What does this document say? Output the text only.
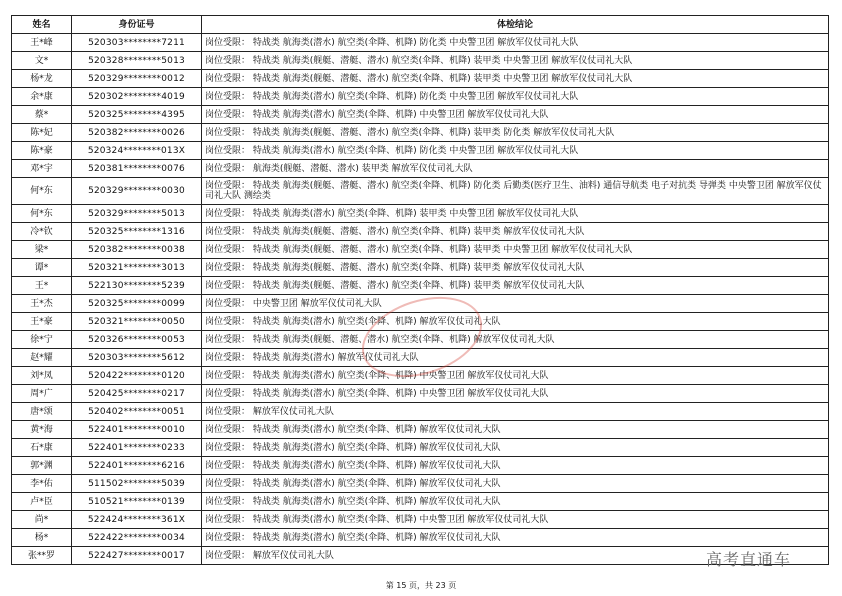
姓名	身份证号	体检结论
王*峰	520303********7211	岗位受限： 特战类 航海类(潜水) 航空类(伞降、机降) 防化类 中央警卫团 解放军仪仗司礼大队
文*	520328********5013	岗位受限： 特战类 航海类(舰艇、潜艇、潜水) 航空类(伞降、机降) 装甲类 中央警卫团 解放军仪仗司礼大队
杨*龙	520329********0012	岗位受限： 特战类 航海类(舰艇、潜艇、潜水) 航空类(伞降、机降) 装甲类 中央警卫团 解放军仪仗司礼大队
余*康	520302********4019	岗位受限： 特战类 航海类(潜水) 航空类(伞降、机降) 防化类 中央警卫团 解放军仪仗司礼大队
蔡*	520325********4395	岗位受限： 特战类 航海类(潜水) 航空类(伞降、机降) 中央警卫团 解放军仪仗司礼大队
陈*妃	520382********0026	岗位受限： 特战类 航海类(舰艇、潜艇、潜水) 航空类(伞降、机降) 装甲类 防化类 解放军仪仗司礼大队
陈*豪	520324********013X	岗位受限： 特战类 航海类(潜水) 航空类(伞降、机降) 防化类 中央警卫团 解放军仪仗司礼大队
邓*宇	520381********0076	岗位受限： 航海类(舰艇、潜艇、潜水) 装甲类 解放军仪仗司礼大队
何*东	520329********0030	岗位受限： 特战类 航海类(舰艇、潜艇、潜水) 航空类(伞降、机降) 防化类 后勤类(医疗卫生、油料) 通信导航类 电子对抗类 导弹类 中央警卫团 解放军仪仗司礼大队 测绘类
何*东	520329********5013	岗位受限： 特战类 航海类(潜水) 航空类(伞降、机降) 装甲类 中央警卫团 解放军仪仗司礼大队
冷*钦	520325********1316	岗位受限： 特战类 航海类(舰艇、潜艇、潜水) 航空类(伞降、机降) 装甲类 解放军仪仗司礼大队
梁*	520382********0038	岗位受限： 特战类 航海类(舰艇、潜艇、潜水) 航空类(伞降、机降) 装甲类 中央警卫团 解放军仪仗司礼大队
谭*	520321********3013	岗位受限： 特战类 航海类(舰艇、潜艇、潜水) 航空类(伞降、机降) 装甲类 解放军仪仗司礼大队
王*	522130********5239	岗位受限： 特战类 航海类(舰艇、潜艇、潜水) 航空类(伞降、机降) 装甲类 解放军仪仗司礼大队
王*杰	520325********0099	岗位受限： 中央警卫团 解放军仪仗司礼大队
王*豪	520321********0050	岗位受限： 特战类 航海类(潜水) 航空类(伞降、机降) 解放军仪仗司礼大队
徐*宁	520326********0053	岗位受限： 特战类 航海类(舰艇、潜艇、潜水) 航空类(伞降、机降) 解放军仪仗司礼大队
赵*耀	520303********5612	岗位受限： 特战类 航海类(潜水) 解放军仪仗司礼大队
刘*凤	520422********0120	岗位受限： 特战类 航海类(潜水) 航空类(伞降、机降) 中央警卫团 解放军仪仗司礼大队
周*广	520425********0217	岗位受限： 特战类 航海类(潜水) 航空类(伞降、机降) 中央警卫团 解放军仪仗司礼大队
唐*颂	520402********0051	岗位受限： 解放军仪仗司礼大队
黄*海	522401********0010	岗位受限： 特战类 航海类(潜水) 航空类(伞降、机降) 解放军仪仗司礼大队
石*康	522401********0233	岗位受限： 特战类 航海类(潜水) 航空类(伞降、机降) 解放军仪仗司礼大队
郭*渊	522401********6216	岗位受限： 特战类 航海类(潜水) 航空类(伞降、机降) 解放军仪仗司礼大队
李*佑	511502********5039	岗位受限： 特战类 航海类(潜水) 航空类(伞降、机降) 解放军仪仗司礼大队
卢*臣	510521********0139	岗位受限： 特战类 航海类(潜水) 航空类(伞降、机降) 解放军仪仗司礼大队
尚*	522424********361X	岗位受限： 特战类 航海类(潜水) 航空类(伞降、机降) 中央警卫团 解放军仪仗司礼大队
杨*	522422********0034	岗位受限： 特战类 航海类(潜水) 航空类(伞降、机降) 解放军仪仗司礼大队
张**罗	522427********0017	岗位受限： 解放军仪仗司礼大队
第 15 页，共 23 页
高考直通车
